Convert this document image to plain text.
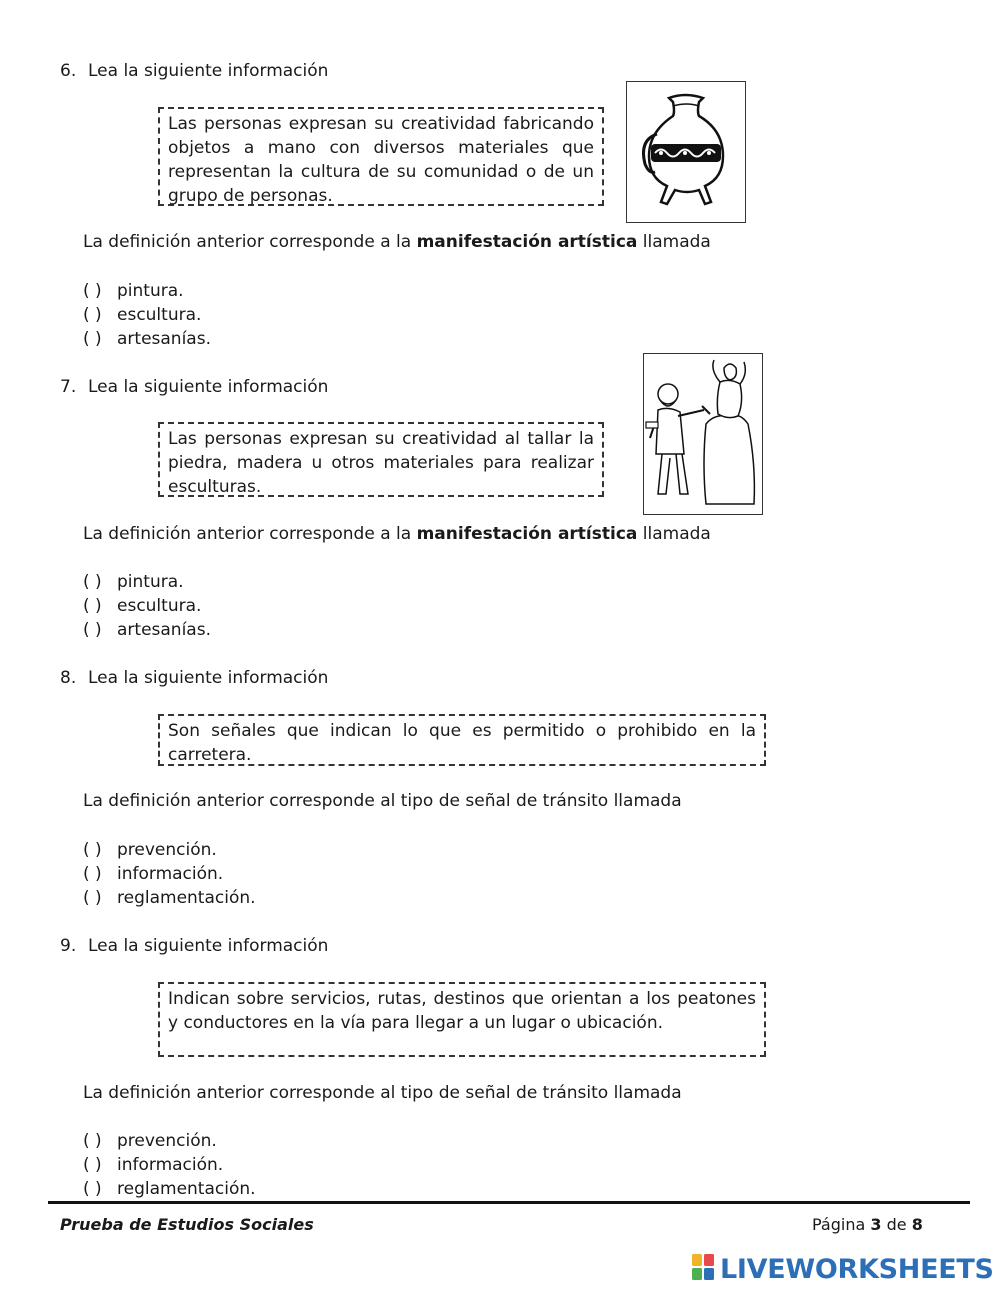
6. Lea la siguiente información
Las personas expresan su creatividad fabricando objetos a mano con diversos materiales que representan la cultura de su comunidad o de un grupo de personas.
La definición anterior corresponde a la manifestación artística llamada
( ) pintura.
( ) escultura.
( ) artesanías.
7. Lea la siguiente información
Las personas expresan su creatividad al tallar la piedra, madera u otros materiales para realizar esculturas.
La definición anterior corresponde a la manifestación artística llamada
( ) pintura.
( ) escultura.
( ) artesanías.
8. Lea la siguiente información
Son señales que indican lo que es permitido o prohibido en la carretera.
La definición anterior corresponde al tipo de señal de tránsito llamada
( ) prevención.
( ) información.
( ) reglamentación.
9. Lea la siguiente información
Indican sobre servicios, rutas, destinos que orientan a los peatones y conductores en la vía para llegar a un lugar o ubicación.
La definición anterior corresponde al tipo de señal de tránsito llamada
( ) prevención.
( ) información.
( ) reglamentación.
Prueba de Estudios Sociales	Página 3 de 8
LIVEWORKSHEETS
